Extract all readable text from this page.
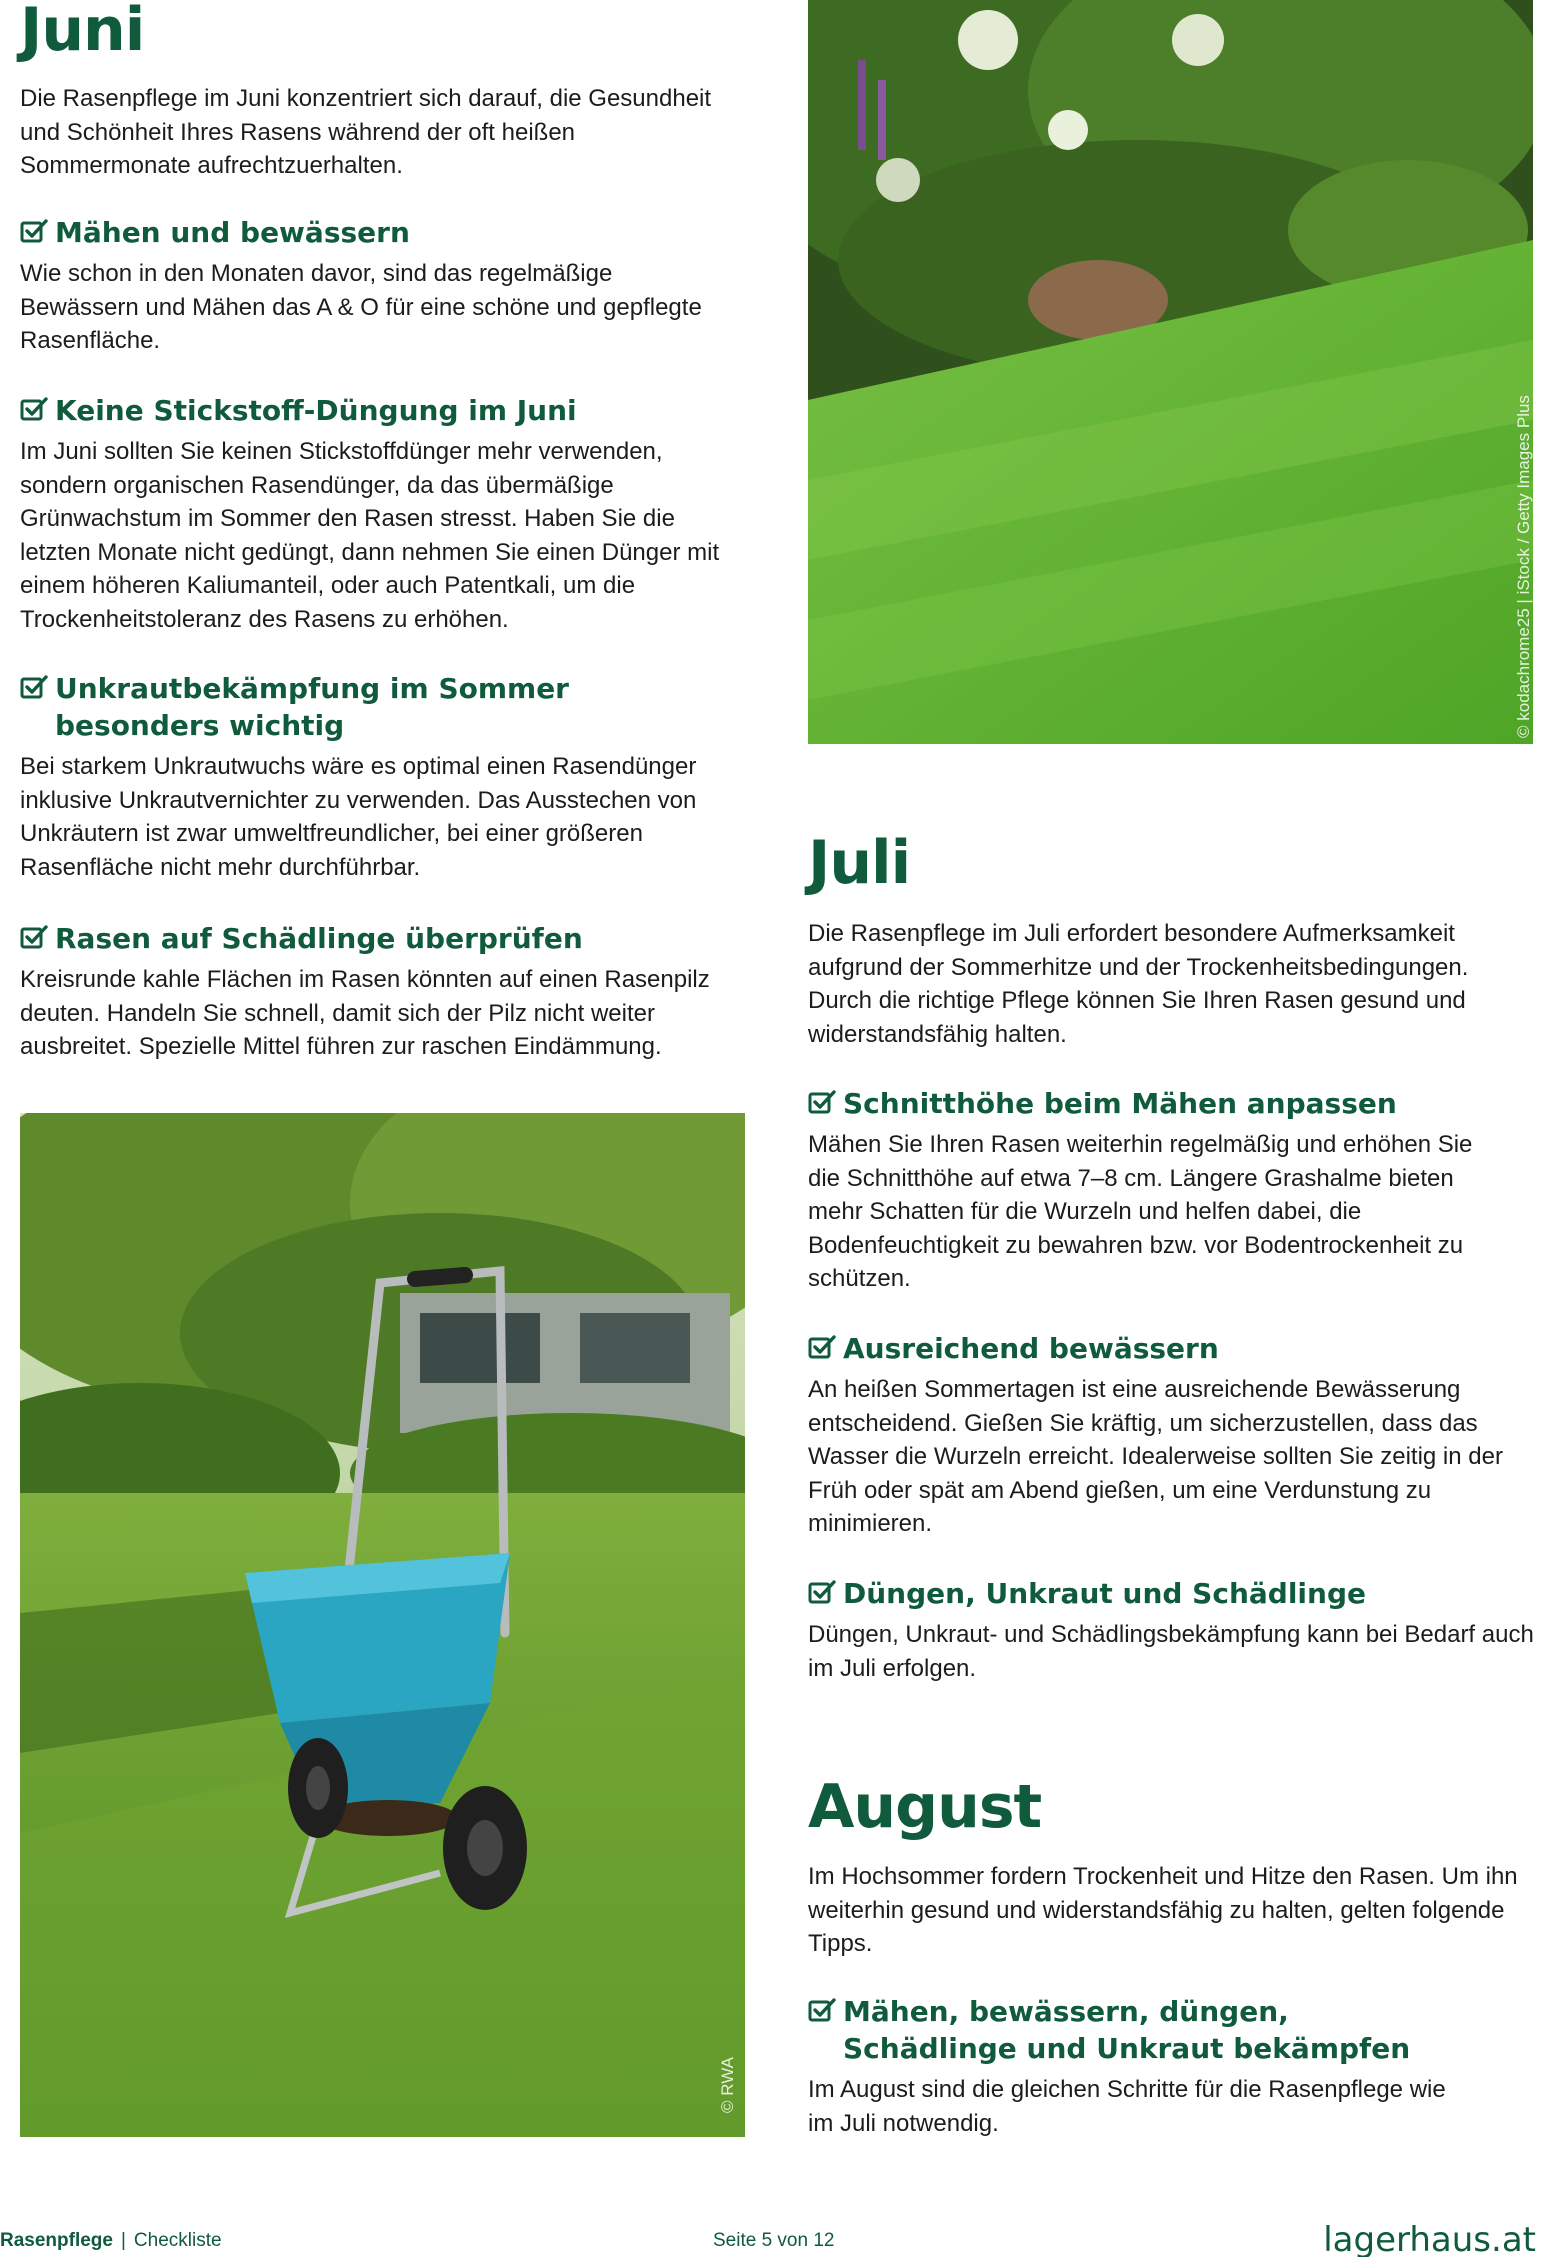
Juni
Die Rasenpflege im Juni konzentriert sich darauf, die Gesundheit und Schönheit Ihres Rasens während der oft heißen Sommermonate aufrechtzuerhalten.
Mähen und bewässern
Wie schon in den Monaten davor, sind das regelmäßige Bewässern und Mähen das A & O für eine schöne und gepflegte Rasenfläche.
Keine Stickstoff-Düngung im Juni
Im Juni sollten Sie keinen Stickstoffdünger mehr verwenden, sondern organischen Rasendünger, da das übermäßige Grünwachstum im Sommer den Rasen stresst. Haben Sie die letzten Monate nicht gedüngt, dann nehmen Sie einen Dünger mit einem höheren Kaliumanteil, oder auch Patentkali, um die Trockenheitstoleranz des Rasens zu erhöhen.
Unkrautbekämpfung im Sommer besonders wichtig
Bei starkem Unkrautwuchs wäre es optimal einen Rasendünger inklusive Unkrautvernichter zu verwenden. Das Ausstechen von Unkräutern ist zwar umweltfreundlicher, bei einer größeren Rasenfläche nicht mehr durchführbar.
Rasen auf Schädlinge überprüfen
Kreisrunde kahle Flächen im Rasen könnten auf einen Rasenpilz deuten. Handeln Sie schnell, damit sich der Pilz nicht weiter ausbreitet. Spezielle Mittel führen zur raschen Eindämmung.
© RWA
© kodachrome25 | iStock / Getty Images Plus
Juli
Die Rasenpflege im Juli erfordert besondere Aufmerksamkeit aufgrund der Sommerhitze und der Trockenheitsbedingungen. Durch die richtige Pflege können Sie Ihren Rasen gesund und widerstandsfähig halten.
Schnitthöhe beim Mähen anpassen
Mähen Sie Ihren Rasen weiterhin regelmäßig und erhöhen Sie die Schnitthöhe auf etwa 7–8 cm. Längere Grashalme bieten mehr Schatten für die Wurzeln und helfen dabei, die Bodenfeuchtigkeit zu bewahren bzw. vor Bodentrockenheit zu schützen.
Ausreichend bewässern
An heißen Sommertagen ist eine ausreichende Bewässerung entscheidend. Gießen Sie kräftig, um sicherzustellen, dass das Wasser die Wurzeln erreicht. Idealerweise sollten Sie zeitig in der Früh oder spät am Abend gießen, um eine Verdunstung zu minimieren.
Düngen, Unkraut und Schädlinge
Düngen, Unkraut- und Schädlingsbekämpfung kann bei Bedarf auch im Juli erfolgen.
August
Im Hochsommer fordern Trockenheit und Hitze den Rasen. Um ihn weiterhin gesund und widerstandsfähig zu halten, gelten folgende Tipps.
Mähen, bewässern, düngen, Schädlinge und Unkraut bekämpfen
Im August sind die gleichen Schritte für die Rasenpflege wie im Juli notwendig.
Rasenpflege | Checkliste	Seite 5 von 12	lagerhaus.at
